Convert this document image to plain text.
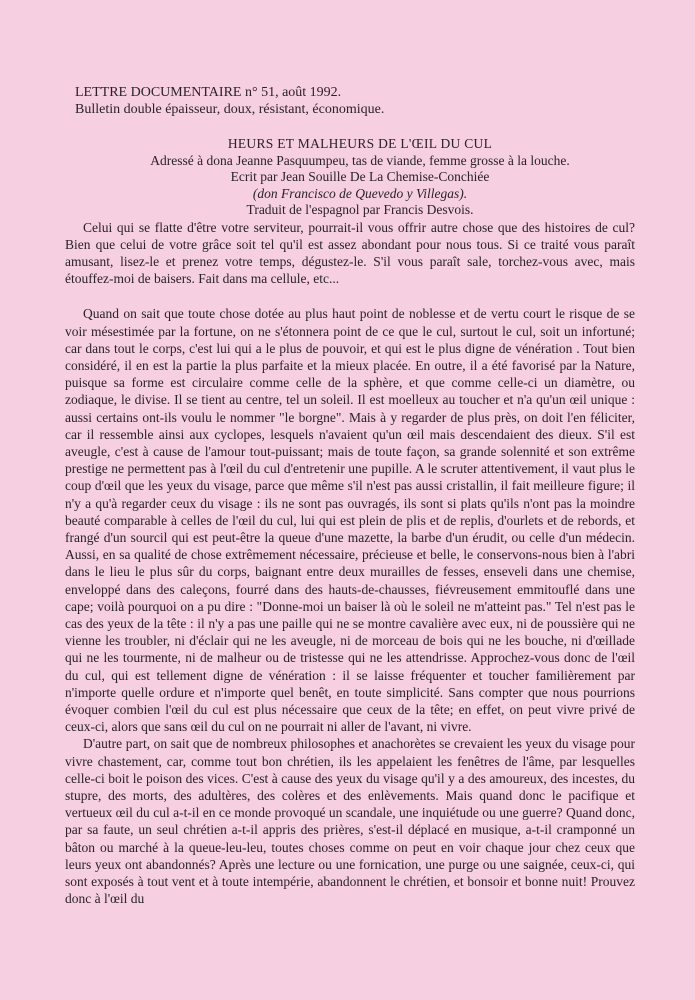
LETTRE DOCUMENTAIRE n° 51, août 1992.
Bulletin double épaisseur, doux, résistant, économique.
HEURS ET MALHEURS DE L'ŒIL DU CUL
Adressé à dona Jeanne Pasquumpeu, tas de viande, femme grosse à la louche.
Ecrit par Jean Souille De La Chemise-Conchiée
(don Francisco de Quevedo y Villegas).
Traduit de l'espagnol par Francis Desvois.

Celui qui se flatte d'être votre serviteur, pourrait-il vous offrir autre chose que des histoires de cul? Bien que celui de votre grâce soit tel qu'il est assez abondant pour nous tous. Si ce traité vous paraît amusant, lisez-le et prenez votre temps, dégustez-le. S'il vous paraît sale, torchez-vous avec, mais étouffez-moi de baisers. Fait dans ma cellule, etc...

Quand on sait que toute chose dotée au plus haut point de noblesse et de vertu court le risque de se voir mésestimée par la fortune, on ne s'étonnera point de ce que le cul, surtout le cul, soit un infortuné; car dans tout le corps, c'est lui qui a le plus de pouvoir, et qui est le plus digne de vénération . Tout bien considéré, il en est la partie la plus parfaite et la mieux placée. En outre, il a été favorisé par la Nature, puisque sa forme est circulaire comme celle de la sphère, et que comme celle-ci un diamètre, ou zodiaque, le divise. Il se tient au centre, tel un soleil. Il est moelleux au toucher et n'a qu'un œil unique : aussi certains ont-ils voulu le nommer "le borgne". Mais à y regarder de plus près, on doit l'en féliciter, car il ressemble ainsi aux cyclopes, lesquels n'avaient qu'un œil mais descendaient des dieux. S'il est aveugle, c'est à cause de l'amour tout-puissant; mais de toute façon, sa grande solennité et son extrême prestige ne permettent pas à l'œil du cul d'entretenir une pupille. A le scruter attentivement, il vaut plus le coup d'œil que les yeux du visage, parce que même s'il n'est pas aussi cristallin, il fait meilleure figure; il n'y a qu'à regarder ceux du visage : ils ne sont pas ouvragés, ils sont si plats qu'ils n'ont pas la moindre beauté comparable à celles de l'œil du cul, lui qui est plein de plis et de replis, d'ourlets et de rebords, et frangé d'un sourcil qui est peut-être la queue d'une mazette, la barbe d'un érudit, ou celle d'un médecin. Aussi, en sa qualité de chose extrêmement nécessaire, précieuse et belle, le conservons-nous bien à l'abri dans le lieu le plus sûr du corps, baignant entre deux murailles de fesses, enseveli dans une chemise, enveloppé dans des caleçons, fourré dans des hauts-de-chausses, fiévreusement emmitouflé dans une cape; voilà pourquoi on a pu dire : "Donne-moi un baiser là où le soleil ne m'atteint pas." Tel n'est pas le cas des yeux de la tête : il n'y a pas une paille qui ne se montre cavalière avec eux, ni de poussière qui ne vienne les troubler, ni d'éclair qui ne les aveugle, ni de morceau de bois qui ne les bouche, ni d'œillade qui ne les tourmente, ni de malheur ou de tristesse qui ne les attendrisse. Approchez-vous donc de l'œil du cul, qui est tellement digne de vénération : il se laisse fréquenter et toucher familièrement par n'importe quelle ordure et n'importe quel benêt, en toute simplicité. Sans compter que nous pourrions évoquer combien l'œil du cul est plus nécessaire que ceux de la tête; en effet, on peut vivre privé de ceux-ci, alors que sans œil du cul on ne pourrait ni aller de l'avant, ni vivre.

D'autre part, on sait que de nombreux philosophes et anachorètes se crevaient les yeux du visage pour vivre chastement, car, comme tout bon chrétien, ils les appelaient les fenêtres de l'âme, par lesquelles celle-ci boit le poison des vices. C'est à cause des yeux du visage qu'il y a des amoureux, des incestes, du stupre, des morts, des adultères, des colères et des enlèvements. Mais quand donc le pacifique et vertueux œil du cul a-t-il en ce monde provoqué un scandale, une inquiétude ou une guerre? Quand donc, par sa faute, un seul chrétien a-t-il appris des prières, s'est-il déplacé en musique, a-t-il cramponné un bâton ou marché à la queue-leu-leu, toutes choses comme on peut en voir chaque jour chez ceux que leurs yeux ont abandonnés? Après une lecture ou une fornication, une purge ou une saignée, ceux-ci, qui sont exposés à tout vent et à toute intempérie, abandonnent le chrétien, et bonsoir et bonne nuit! Prouvez donc à l'œil du
